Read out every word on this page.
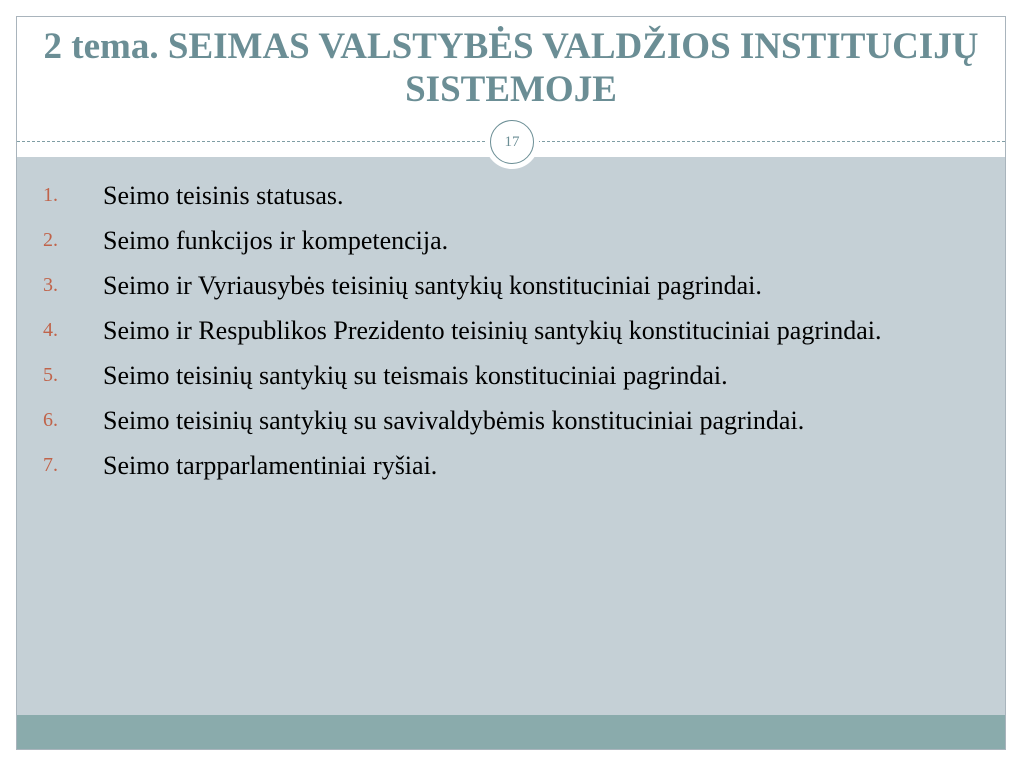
2 tema. SEIMAS VALSTYBĖS VALDŽIOS INSTITUCIJŲ SISTEMOJE
17
1. Seimo teisinis statusas.
2. Seimo funkcijos ir kompetencija.
3. Seimo ir Vyriausybės teisinių santykių konstituciniai pagrindai.
4. Seimo ir Respublikos Prezidento teisinių santykių konstituciniai pagrindai.
5. Seimo teisinių santykių su teismais konstituciniai pagrindai.
6. Seimo teisinių santykių su savivaldybėmis konstituciniai pagrindai.
7. Seimo tarpparlamentiniai ryšiai.
